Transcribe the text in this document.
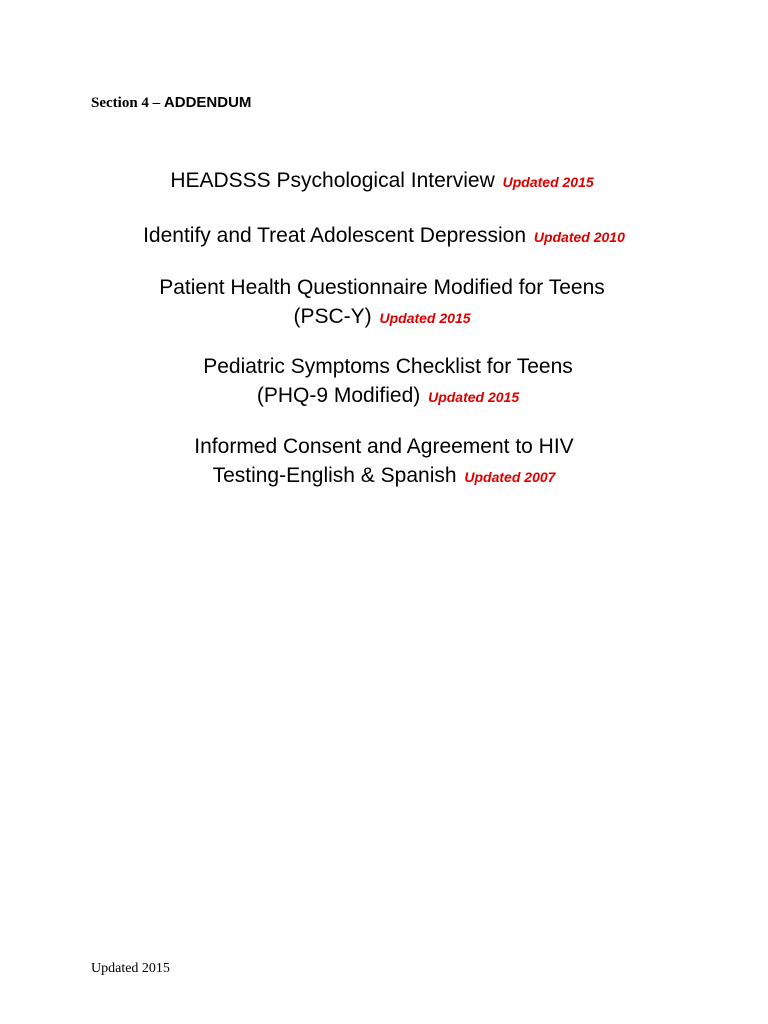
Section 4 – ADDENDUM
HEADSSS Psychological Interview Updated 2015
Identify and Treat Adolescent Depression Updated 2010
Patient Health Questionnaire Modified for Teens
(PSC-Y) Updated 2015
Pediatric Symptoms Checklist for Teens
(PHQ-9 Modified) Updated 2015
Informed Consent and Agreement to HIV
Testing-English & Spanish Updated 2007
Updated 2015
